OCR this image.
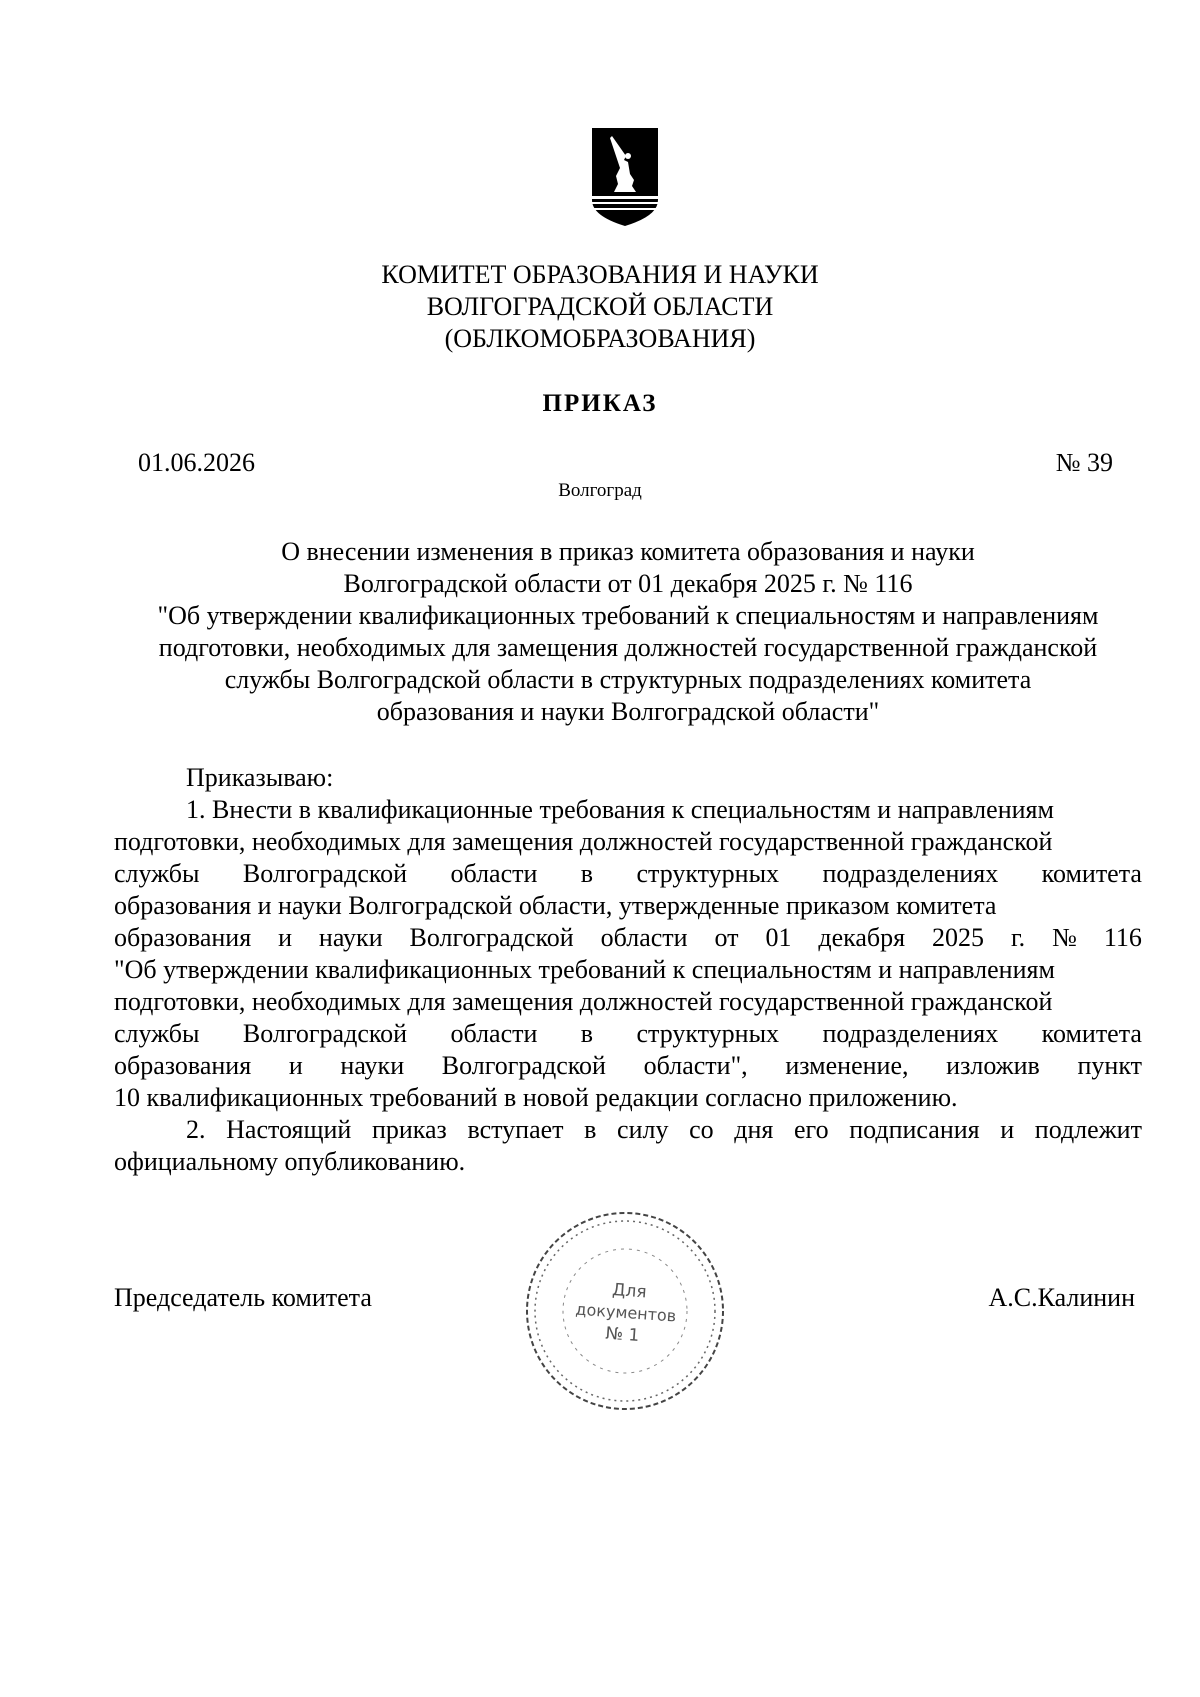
КОМИТЕТ ОБРАЗОВАНИЯ И НАУКИ
ВОЛГОГРАДСКОЙ ОБЛАСТИ
(ОБЛКОМОБРАЗОВАНИЯ)
ПРИКАЗ
01.06.2026	№ 39
Волгоград
О внесении изменения в приказ комитета образования и науки
Волгоградской области от 01 декабря 2025 г. № 116
"Об утверждении квалификационных требований к специальностям и направлениям
подготовки, необходимых для замещения должностей государственной гражданской
службы Волгоградской области в структурных подразделениях комитета
образования и науки Волгоградской области"
Приказываю:
1. Внести в квалификационные требования к специальностям и направлениям
подготовки, необходимых для замещения должностей государственной гражданской
службы Волгоградской области в структурных подразделениях комитета
образования и науки Волгоградской области, утвержденные приказом комитета
образования и науки Волгоградской области от 01 декабря 2025 г. № 116
"Об утверждении квалификационных требований к специальностям и направлениям
подготовки, необходимых для замещения должностей государственной гражданской
службы Волгоградской области в структурных подразделениях комитета
образования и науки Волгоградской области", изменение, изложив пункт
10 квалификационных требований в новой редакции согласно приложению.
2. Настоящий приказ вступает в силу со дня его подписания и подлежит
официальному опубликованию.
Председатель комитета	Для
документов
№ 1
А.С.Калинин
